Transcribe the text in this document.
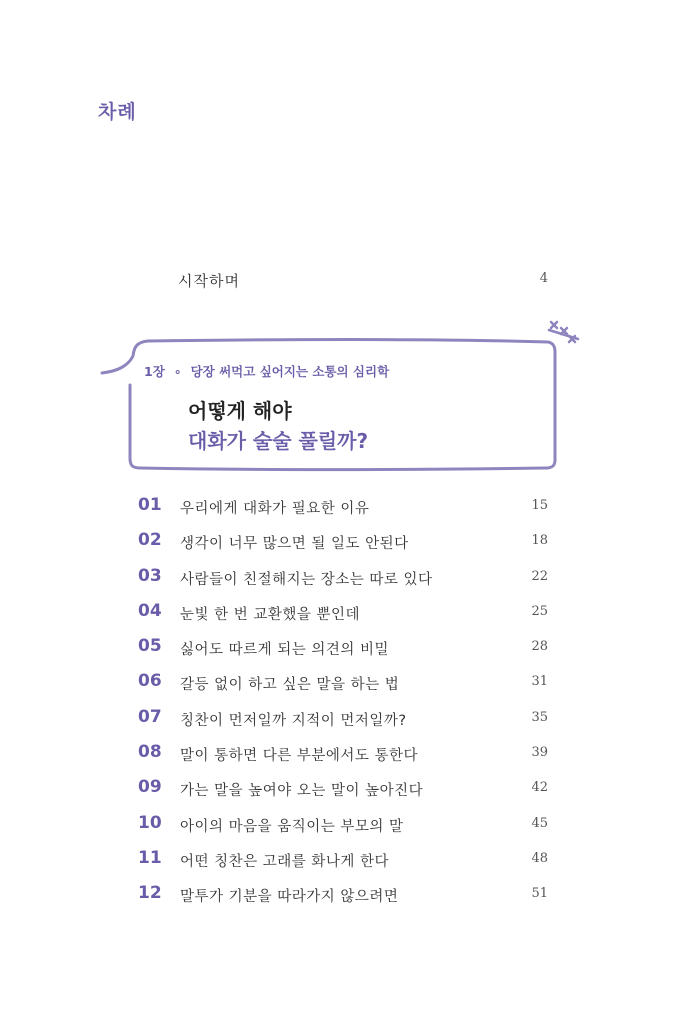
차례
시작하며	4
1장 ∘ 당장 써먹고 싶어지는 소통의 심리학
어떻게 해야
대화가 술술 풀릴까?
01 우리에게 대화가 필요한 이유	15
02 생각이 너무 많으면 될 일도 안된다	18
03 사람들이 친절해지는 장소는 따로 있다	22
04 눈빛 한 번 교환했을 뿐인데	25
05 싫어도 따르게 되는 의견의 비밀	28
06 갈등 없이 하고 싶은 말을 하는 법	31
07 칭찬이 먼저일까 지적이 먼저일까?	35
08 말이 통하면 다른 부분에서도 통한다	39
09 가는 말을 높여야 오는 말이 높아진다	42
10 아이의 마음을 움직이는 부모의 말	45
11 어떤 칭찬은 고래를 화나게 한다	48
12 말투가 기분을 따라가지 않으려면	51
